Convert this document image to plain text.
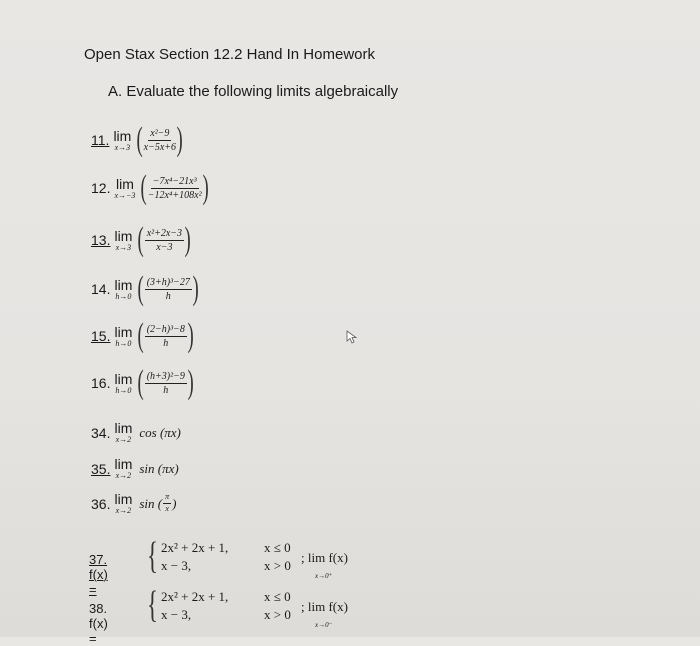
Open Stax Section 12.2 Hand In Homework
A. Evaluate the following limits algebraically
11. lim
x→3 ( $\frac{\text{x²−9}}{x-5x+6}$ )
12. lim
x→−3 ( $\frac{\text{−7x⁴−21x³}}{\text{−12x⁴+108x²}}$ )
13. lim
x→3 ( $\frac{\text{x²+2x−3}}{x-3}$ )
14. lim
h→0 ( $\frac{\text{(3+h)³−27}}{h}$ )
15. lim
h→0 ( $\frac{\text{(2−h)³−8}}{h}$ )
16. lim
h→0 ( $\frac{\text{(h+3)²−9}}{h}$ )
34. lim
x→2 cos (πx)
35. lim
x→2 sin (πx)
36. lim
x→2 sin ( $\frac{\pi}{x}$ )
37. f(x) =
{ 2x² + 2x + 1,
x − 3,
x ≤ 0
x > 0
; lim f(x)
x→0⁺
38. f(x) =
{ 2x² + 2x + 1,
x − 3,
x ≤ 0
x > 0
; lim f(x)
x→0⁻
